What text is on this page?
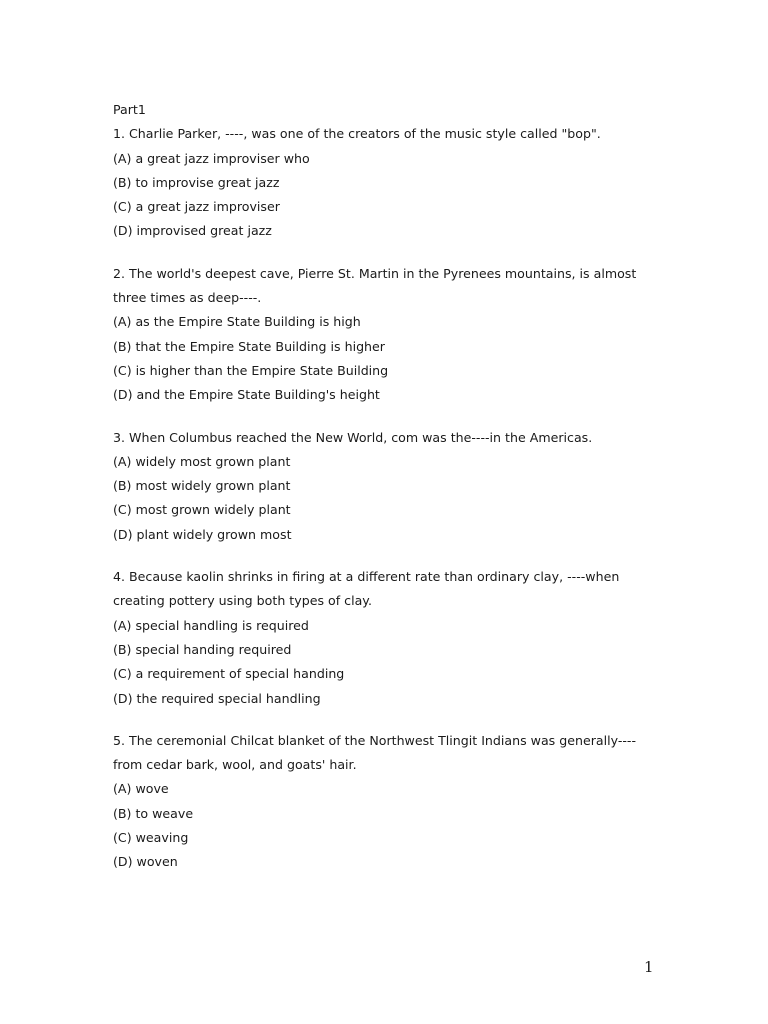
Part1
1. Charlie Parker, ----, was one of the creators of the music style called "bop".
(A) a great jazz improviser who
(B) to improvise great jazz
(C) a great jazz improviser
(D) improvised great jazz
2. The world's deepest cave, Pierre St. Martin in the Pyrenees mountains, is almost
three times as deep----.
(A) as the Empire State Building is high
(B) that the Empire State Building is higher
(C) is higher than the Empire State Building
(D) and the Empire State Building's height
3. When Columbus reached the New World, com was the----in the Americas.
(A) widely most grown plant
(B) most widely grown plant
(C) most grown widely plant
(D) plant widely grown most
4. Because kaolin shrinks in firing at a different rate than ordinary clay, ----when
creating pottery using both types of clay.
(A) special handling is required
(B) special handing required
(C) a requirement of special handing
(D) the required special handling
5. The ceremonial Chilcat blanket of the Northwest Tlingit Indians was generally----
from cedar bark, wool, and goats' hair.
(A) wove
(B) to weave
(C) weaving
(D) woven
1
